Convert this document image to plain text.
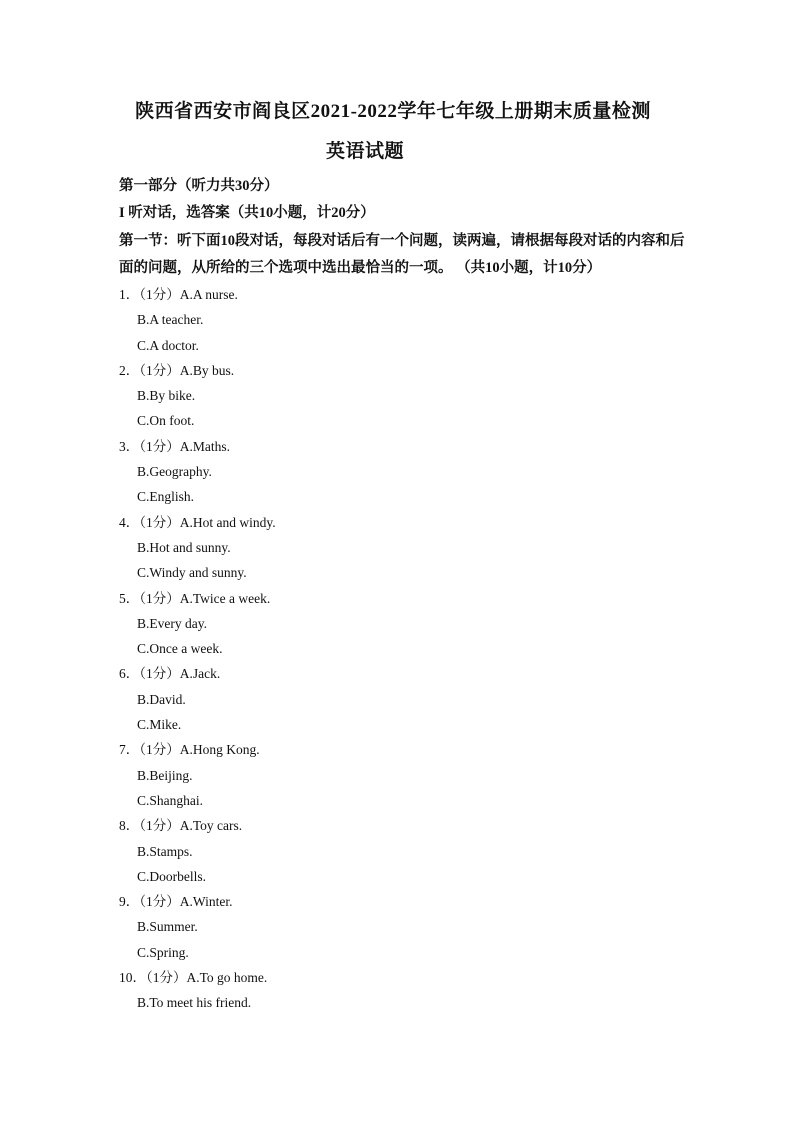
陕西省西安市阎良区2021-2022学年七年级上册期末质量检测
英语试题
第一部分（听力共30分）
I 听对话，选答案（共10小题，计20分）
第一节：听下面10段对话，每段对话后有一个问题，读两遍，请根据每段对话的内容和后
面的问题，从所给的三个选项中选出最恰当的一项。 （共10小题，计10分）
1．（1分）A.A nurse.
B.A teacher.
C.A doctor.
2．（1分）A.By bus.
B.By bike.
C.On foot.
3．（1分）A.Maths.
B.Geography.
C.English.
4．（1分）A.Hot and windy.
B.Hot and sunny.
C.Windy and sunny.
5．（1分）A.Twice a week.
B.Every day.
C.Once a week.
6．（1分）A.Jack.
B.David.
C.Mike.
7．（1分）A.Hong Kong.
B.Beijing.
C.Shanghai.
8．（1分）A.Toy cars.
B.Stamps.
C.Doorbells.
9．（1分）A.Winter.
B.Summer.
C.Spring.
10．（1分）A.To go home.
B.To meet his friend.
